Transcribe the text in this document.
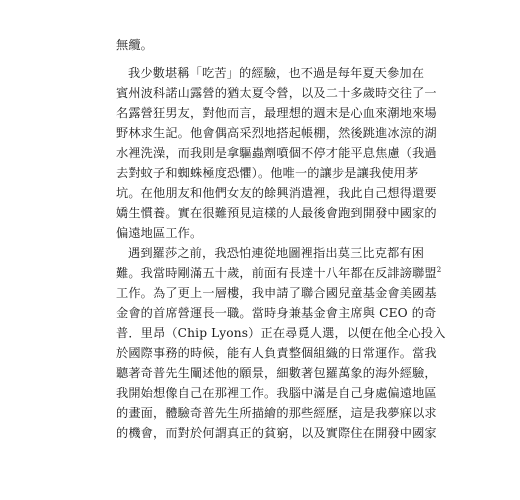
無纜。
我少數堪稱「吃苦」的經驗，也不過是每年夏天參加在
賓州波科諾山露營的猶太夏令營，以及二十多歲時交往了一
名露營狂男友，對他而言，最理想的週末是心血來潮地來場
野林求生記。他會偶高采烈地搭起帳棚，然後跳進冰涼的湖
水裡洗澡，而我則是拿驅蟲劑噴個不停才能平息焦慮（我過
去對蚊子和蜘蛛極度恐懼）。他唯一的讓步是讓我使用茅
坑。在他朋友和他們女友的餘興消遣裡，我此自己想得還要
嬌生慣養。實在很難預見這樣的人最後會跑到開發中國家的
偏遠地區工作。
遇到羅莎之前，我恐怕連從地圖裡指出莫三比克都有困
難。我當時剛滿五十歲，前面有長達十八年都在反誹謗聯盟$^2$
工作。為了更上一層樓，我申請了聯合國兒童基金會美國基
金會的首席營運長一職。當時身兼基金會主席與 CEO 的奇
普．里昂（Chip Lyons）正在尋覓人選，以便在他全心投入
於國際事務的時候，能有人負責整個組織的日常運作。當我
聽著奇普先生闡述他的願景，細數著包羅萬象的海外經驗，
我開始想像自己在那裡工作。我腦中滿是自己身處偏遠地區
的畫面，體驗奇普先生所描繪的那些經歷，這是我夢寐以求
的機會，而對於何謂真正的貧窮，以及實際住在開發中國家
